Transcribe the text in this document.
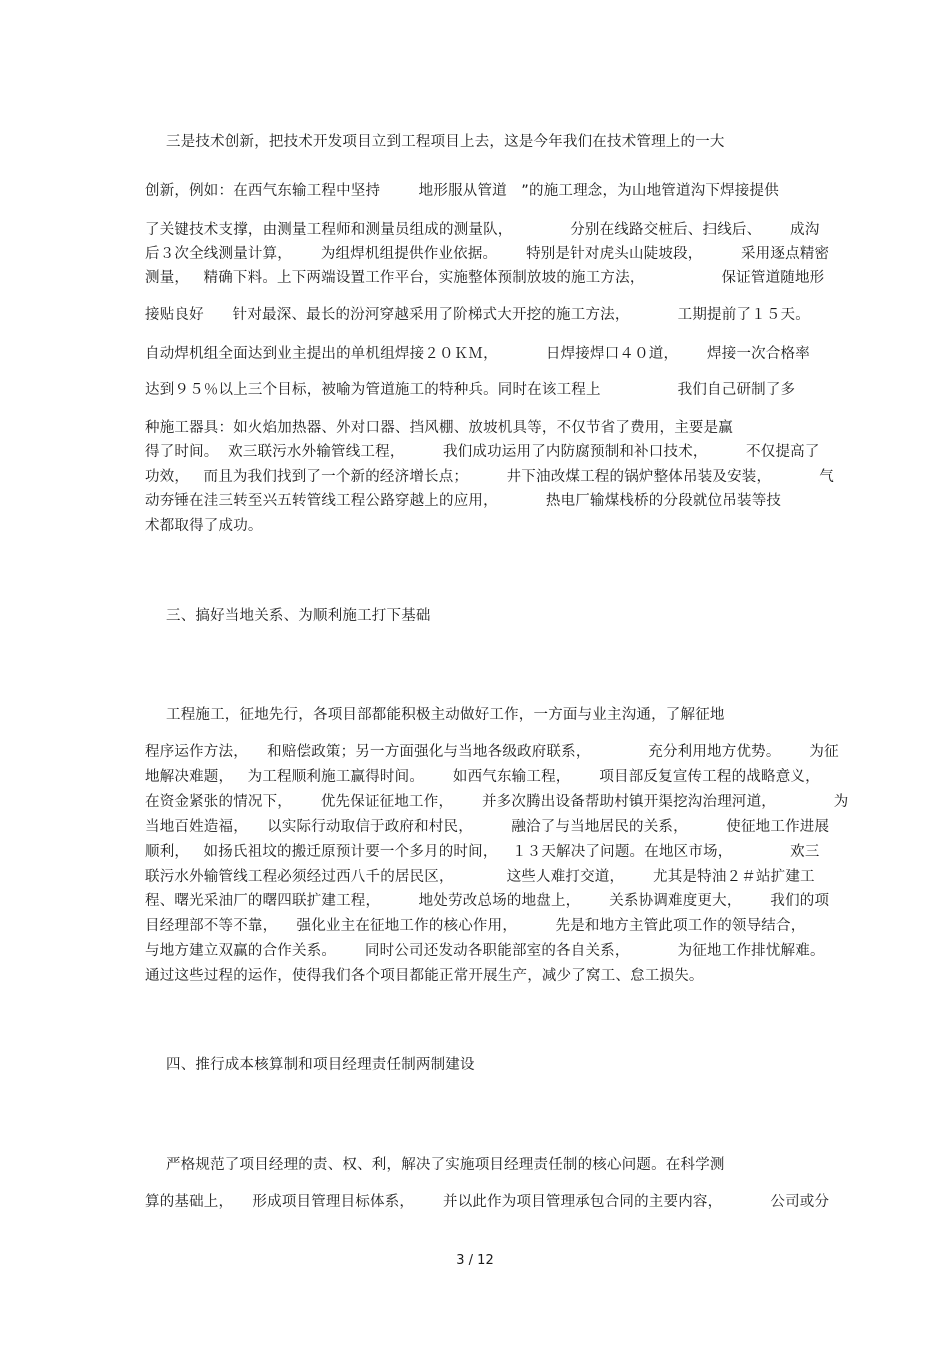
三是技术创新，把技术开发项目立到工程项目上去，这是今年我们在技术管理上的一大
创新，例如：在西气东输工程中坚持        地形服从管道   ”的施工理念，为山地管道沟下焊接提供
了关键技术支撑，由测量工程师和测量员组成的测量队，            分别在线路交桩后、扫线后、      成沟
后３次全线测量计算，      为组焊机组提供作业依据。      特别是针对虎头山陡坡段，        采用逐点精密
测量，   精确下料。上下两端设置工作平台，实施整体预制放坡的施工方法，                保证管道随地形
接贴良好      针对最深、最长的汾河穿越采用了阶梯式大开挖的施工方法，          工期提前了１５天。
自动焊机组全面达到业主提出的单机组焊接２０ＫＭ，          日焊接焊口４０道，      焊接一次合格率
达到９５％以上三个目标，被喻为管道施工的特种兵。同时在该工程上                我们自己研制了多
种施工器具：如火焰加热器、外对口器、挡风棚、放坡机具等，不仅节省了费用，主要是赢
得了时间。  欢三联污水外输管线工程，        我们成功运用了内防腐预制和补口技术，        不仅提高了
功效，   而且为我们找到了一个新的经济增长点；        井下油改煤工程的锅炉整体吊装及安装，          气
动夯锤在洼三转至兴五转管线工程公路穿越上的应用，          热电厂输煤栈桥的分段就位吊装等技
术都取得了成功。
三、搞好当地关系、为顺利施工打下基础
工程施工，征地先行，各项目部都能积极主动做好工作，一方面与业主沟通，了解征地
程序运作方法，    和赔偿政策；另一方面强化与当地各级政府联系，            充分利用地方优势。      为征
地解决难题，   为工程顺利施工赢得时间。      如西气东输工程，      项目部反复宣传工程的战略意义，
在资金紧张的情况下，      优先保证征地工作，      并多次腾出设备帮助村镇开渠挖沟治理河道，            为
当地百姓造福，    以实际行动取信于政府和村民，        融洽了与当地居民的关系，        使征地工作进展
顺利，   如扬氏祖坟的搬迁原预计要一个多月的时间，   １３天解决了问题。在地区市场，            欢三
联污水外输管线工程必须经过西八千的居民区，           这些人难打交道，      尤其是特油２＃站扩建工
程、曙光采油厂的曙四联扩建工程，        地处劳改总场的地盘上，      关系协调难度更大，      我们的项
目经理部不等不靠，    强化业主在征地工作的核心作用，        先是和地方主管此项工作的领导结合，
与地方建立双赢的合作关系。      同时公司还发动各职能部室的各自关系，          为征地工作排忧解难。
通过这些过程的运作，使得我们各个项目都能正常开展生产，减少了窝工、怠工损失。
四、推行成本核算制和项目经理责任制两制建设
严格规范了项目经理的责、权、利，解决了实施项目经理责任制的核心问题。在科学测
算的基础上，    形成项目管理目标体系，      并以此作为项目管理承包合同的主要内容，          公司或分
3 / 12
